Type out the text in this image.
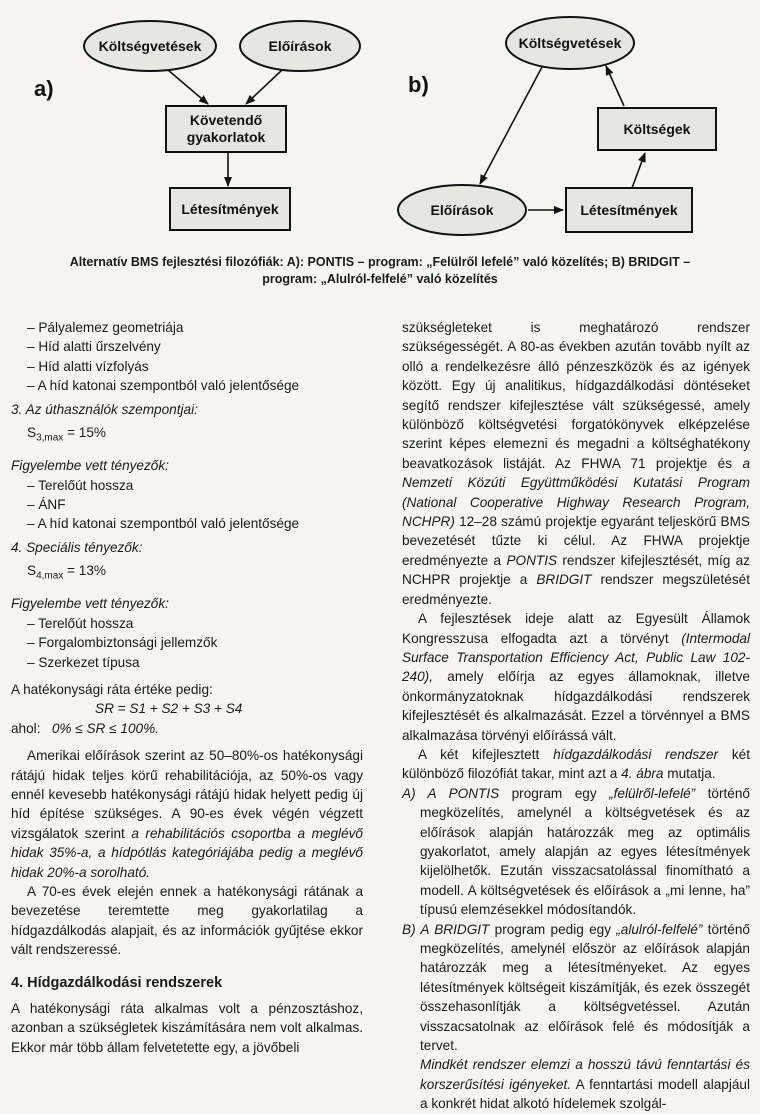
a)
Költségvetések	Előírások
Követendő
gyakorlatok
Létesítmények
b)
Költségvetések
Költségek
Előírások	Létesítmények
Alternatív BMS fejlesztési filozófiák: A): PONTIS – program: „Felülről lefelé” való közelítés; B) BRIDGIT –
program: „Alulról-felfelé” való közelítés

– Pályalemez geometriája

– Híd alatti űrszelvény

– Híd alatti vízfolyás

– A híd katonai szempontból való jelentősége

3. Az úthasználók szempontjai:

$S_{3,max} = 15\%$

Figyelembe vett tényezők:

– Terelőút hossza

– ÁNF

– A híd katonai szempontból való jelentősége

4. Speciális tényezők:

$S_{4,max} = 13\%$

Figyelembe vett tényezők:

– Terelőút hossza

– Forgalombiztonsági jellemzők

– Szerkezet típusa

A hatékonysági ráta értéke pedig:

SR = S1 + S2 + S3 + S4

ahol: 0% ≤ SR ≤ 100%.

Amerikai előírások szerint az 50–80%-os hatékonysági rátájú hidak teljes körű rehabilitációja, az 50%-os vagy ennél kevesebb hatékonysági rátájú hidak helyett pedig új híd építése szükséges. A 90-es évek végén végzett vizsgálatok szerint a rehabilitációs csoportba a meglévő hidak 35%-a, a hídpótlás kategóriájába pedig a meglévő hidak 20%-a sorolható.

A 70-es évek elején ennek a hatékonysági rátának a bevezetése teremtette meg gyakorlatilag a hídgazdálkodás alapjait, és az információk gyűjtése ekkor vált rendszeressé.

4. Hídgazdálkodási rendszerek

A hatékonysági ráta alkalmas volt a pénzosztáshoz, azonban a szükségletek kiszámítására nem volt alkalmas. Ekkor már több állam felvetetette egy, a jövőbeli

szükségleteket is meghatározó rendszer szükségességét. A 80-as években azután tovább nyílt az olló a rendelkezésre álló pénzeszközök és az igények között. Egy új analitikus, hídgazdálkodási döntéseket segítő rendszer kifejlesztése vált szükségessé, amely különböző költségvetési forgatókönyvek elképzelése szerint képes elemezni és megadni a költséghatékony beavatkozások listáját. Az FHWA 71 projektje és a Nemzeti Közúti Együttműködési Kutatási Program (National Cooperative Highway Research Program, NCHPR) 12–28 számú projektje egyaránt teljeskörű BMS bevezetését tűzte ki célul. Az FHWA projektje eredményezte a PONTIS rendszer kifejlesztését, míg az NCHPR projektje a BRIDGIT rendszer megszületését eredményezte.

A fejlesztések ideje alatt az Egyesült Államok Kongresszusa elfogadta azt a törvényt (Intermodal Surface Transportation Efficiency Act, Public Law 102-240), amely előírja az egyes államoknak, illetve önkormányzatoknak hídgazdálkodási rendszerek kifejlesztését és alkalmazását. Ezzel a törvénnyel a BMS alkalmazása törvényi előírássá vált.

A két kifejlesztett hídgazdálkodási rendszer két különböző filozófiát takar, mint azt a 4. ábra mutatja.

A) A PONTIS program egy „felülről-lefelé” történő megközelítés, amelynél a költségvetések és az előírások alapján határozzák meg az optimális gyakorlatot, amely alapján az egyes létesítmények kijelölhetők. Ezután visszacsatolással finomítható a modell. A költségvetések és előírások a „mi lenne, ha” típusú elemzésekkel módosítandók.

B) A BRIDGIT program pedig egy „alulról-felfelé” történő megközelítés, amelynél először az előírások alapján határozzák meg a létesítményeket. Az egyes létesítmények költségeit kiszámítják, és ezek összegét összehasonlítják a költségvetéssel. Azután visszacsatolnak az előírások felé és módosítják a tervet.

Mindkét rendszer elemzi a hosszú távú fenntartási és korszerűsítési igényeket. A fenntartási modell alapjául a konkrét hidat alkotó hídelemek szolgál-
